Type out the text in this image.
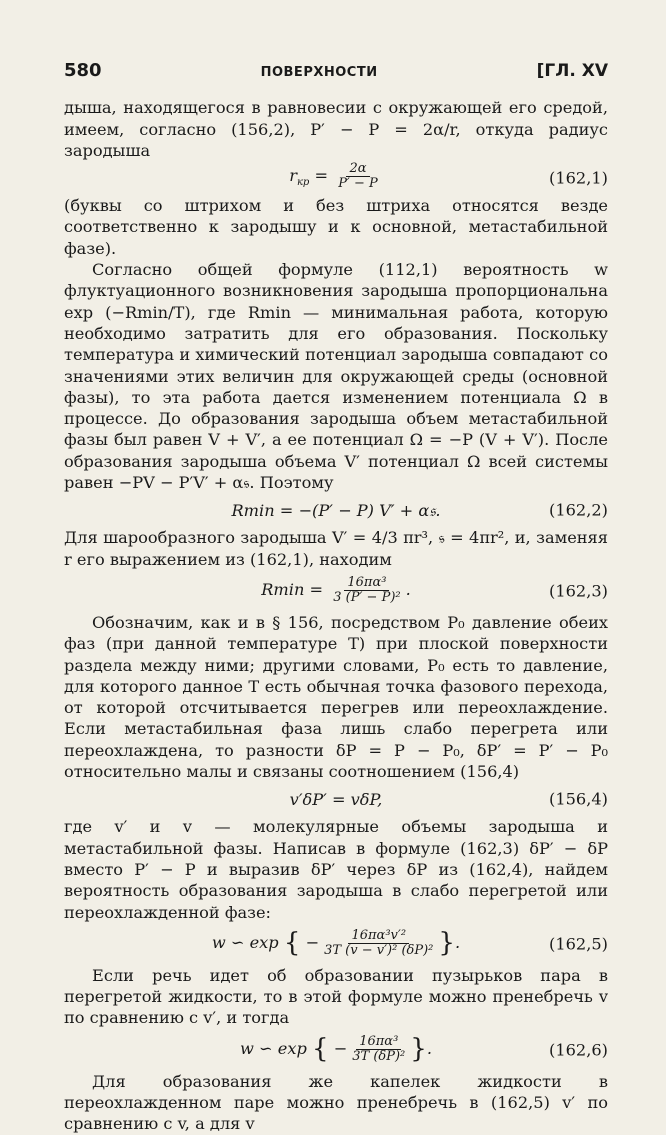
580	ПОВЕРХНОСТИ	[ГЛ. XV

дыша, находящегося в равновесии с окружающей его средой, имеем, согласно (156,2), P′ − P = 2α/r, откуда радиус зародыша

$r_{кр} = \frac{2\alpha}{P' - P}$	(162,1)

(буквы со штрихом и без штриха относятся везде соответственно к зародышу и к основной, метастабильной фазе).

Согласно общей формуле (112,1) вероятность w флуктуационного возникновения зародыша пропорциональна exp (−Rmin/T), где Rmin — минимальная работа, которую необходимо затратить для его образования. Поскольку температура и химический потенциал зародыша совпадают со значениями этих величин для окружающей среды (основной фазы), то эта работа дается изменением потенциала Ω в процессе. До образования зародыша объем метастабильной фазы был равен V + V′, а ее потенциал Ω = −P (V + V′). После образования зародыша объема V′ потенциал Ω всей системы равен −PV − P′V′ + α𝔰. Поэтому

Rmin = −(P′ − P) V′ + α𝔰.	(162,2)

Для шарообразного зародыша V′ = 4/3 πr³, 𝔰 = 4πr², и, заменяя r его выражением из (162,1), находим

$Rmin = \frac{\text{16πα³}}{\text{3 (P′ − P)²}}$ .	(162,3)

Обозначим, как и в § 156, посредством P₀ давление обеих фаз (при данной температуре T) при плоской поверхности раздела между ними; другими словами, P₀ есть то давление, для которого данное T есть обычная точка фазового перехода, от которой отсчитывается перегрев или переохлаждение. Если метастабильная фаза лишь слабо перегрета или переохлаждена, то разности δP = P − P₀, δP′ = P′ − P₀ относительно малы и связаны соотношением (156,4)

v′δP′ = vδP,	(156,4)

где v′ и v — молекулярные объемы зародыша и метастабильной фазы. Написав в формуле (162,3) δP′ − δP вместо P′ − P и выразив δP′ через δP из (162,4), найдем вероятность образования зародыша в слабо перегретой или переохлажденной фазе:

w ∽ exp { − $\frac{\text{16πα³v′²}}{\text{3T (v − v′)² (δP)²}}$ }.	(162,5)

Если речь идет об образовании пузырьков пара в перегретой жидкости, то в этой формуле можно пренебречь v по сравнению с v′, и тогда

w ∽ exp { − $\frac{\text{16πα³}}{\text{3T (δP)²}}$ }.	(162,6)

Для образования же капелек жидкости в переохлажденном паре можно пренебречь в (162,5) v′ по сравнению с v, а для v
